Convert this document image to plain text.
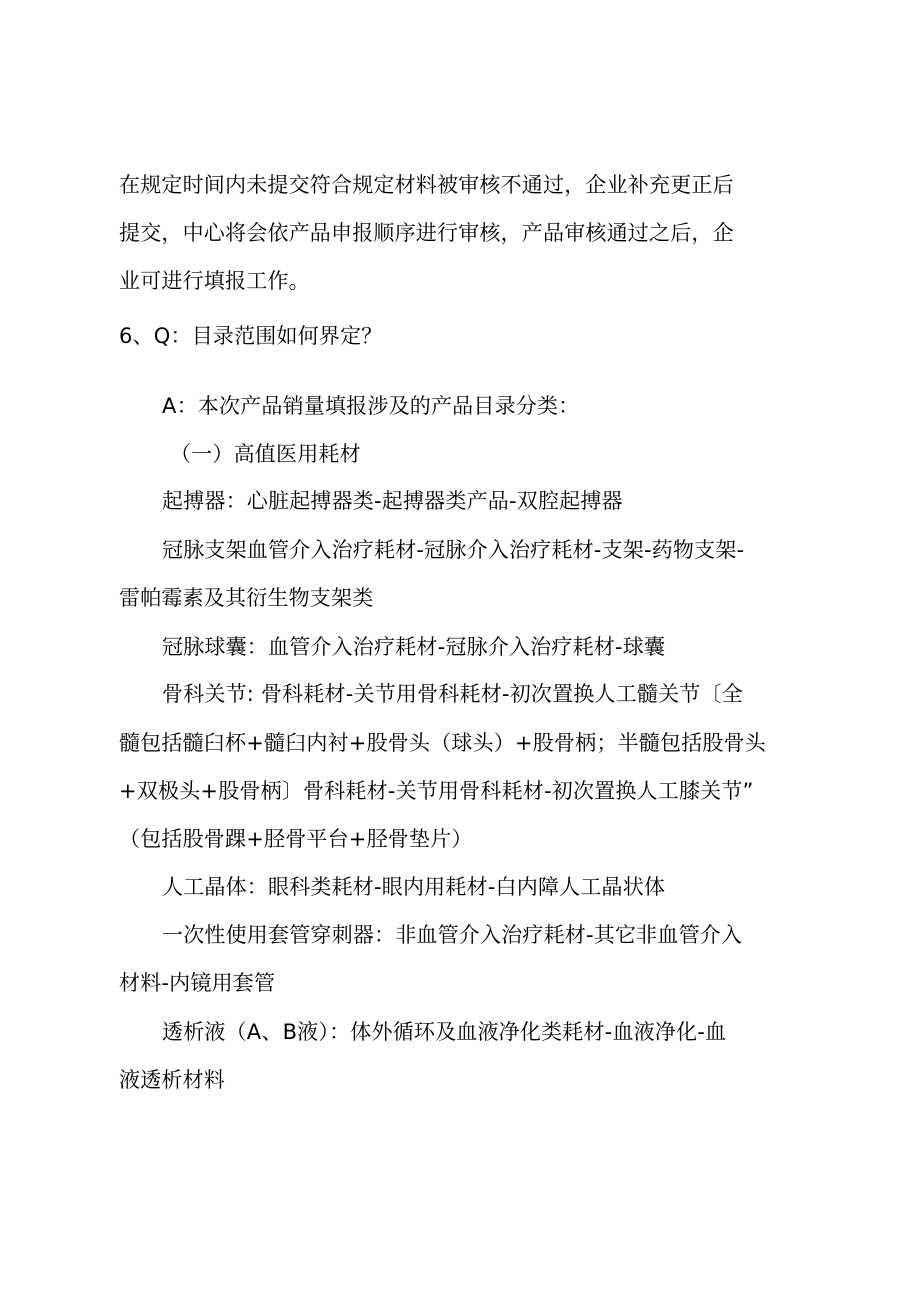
在规定时间内未提交符合规定材料被审核不通过，企业补充更正后
提交，中心将会依产品申报顺序进行审核，产品审核通过之后，企
业可进行填报工作。
6、Q：目录范围如何界定？
A：本次产品销量填报涉及的产品目录分类：
（一）高值医用耗材
起搏器：心脏起搏器类-起搏器类产品-双腔起搏器
冠脉支架血管介入治疗耗材-冠脉介入治疗耗材-支架-药物支架-
雷帕霉素及其衍生物支架类
冠脉球囊：血管介入治疗耗材-冠脉介入治疗耗材-球囊
骨科关节: 骨科耗材-关节用骨科耗材-初次置换人工髓关节〔全
髓包括髓臼杯+髓臼内衬+股骨头（球头）+股骨柄；半髓包括股骨头
+双极头+股骨柄〕骨科耗材-关节用骨科耗材-初次置换人工膝关节”
（包括股骨踝+胫骨平台+胫骨垫片）
人工晶体：眼科类耗材-眼内用耗材-白内障人工晶状体
一次性使用套管穿刺器：非血管介入治疗耗材-其它非血管介入
材料-内镜用套管
透析液（A、B液）：体外循环及血液净化类耗材-血液净化-血
液透析材料
